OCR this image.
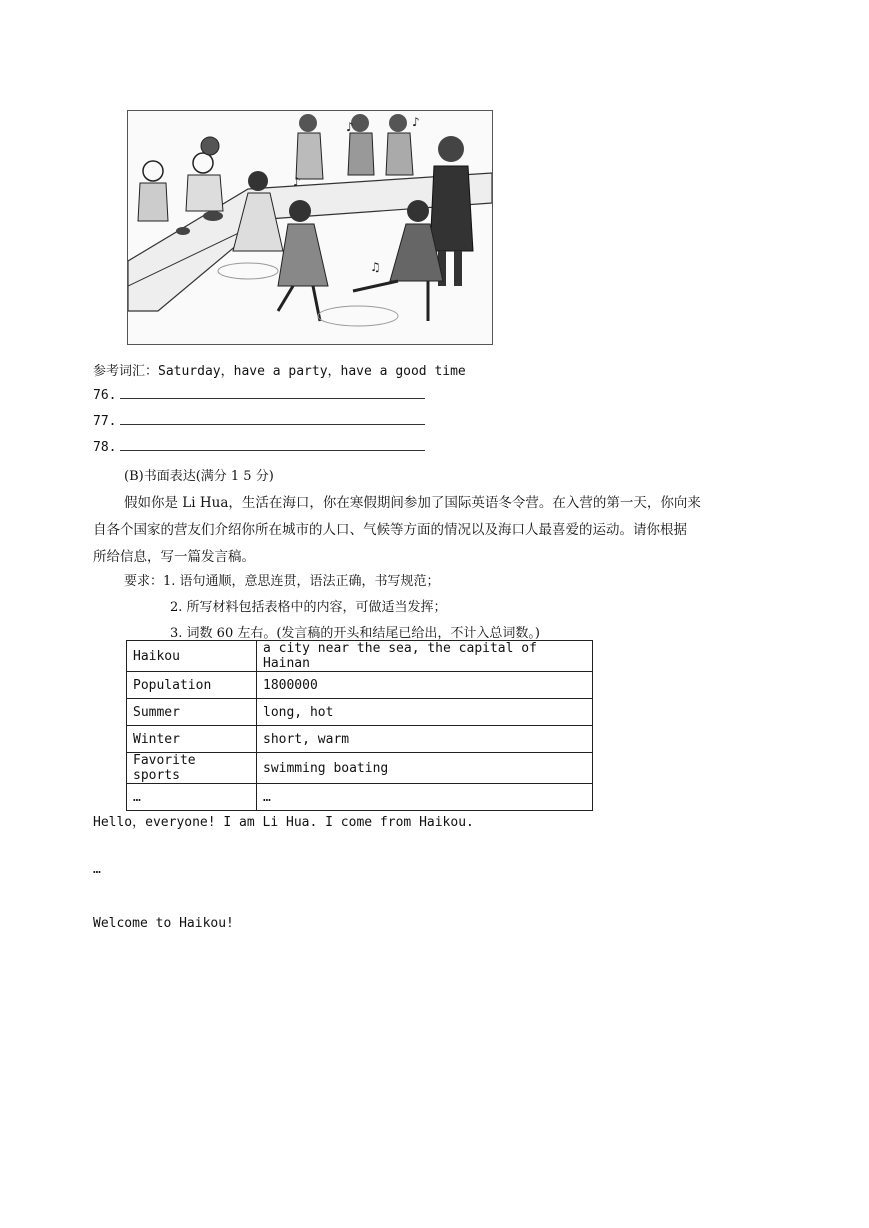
♪	♪
♫
♪
参考词汇：Saturday，have a party，have a good time
76.
77.
78.
(B)书面表达(满分 1 5 分)
假如你是 Li Hua，生活在海口，你在寒假期间参加了国际英语冬令营。在入营的第一天，你向来
自各个国家的营友们介绍你所在城市的人口、气候等方面的情况以及海口人最喜爱的运动。请你根据
所给信息，写一篇发言稿。
要求：1. 语句通顺，意思连贯，语法正确，书写规范；
2. 所写材料包括表格中的内容，可做适当发挥；
3. 词数 60 左右。(发言稿的开头和结尾已给出，不计入总词数。)
Haikou	a city near the sea, the capital of Hainan
Population	1800000
Summer	long, hot
Winter	short, warm
Favorite sports	swimming boating
…	…
Hello，everyone! I am Li Hua. I come from Haikou.
…
Welcome to Haikou!
